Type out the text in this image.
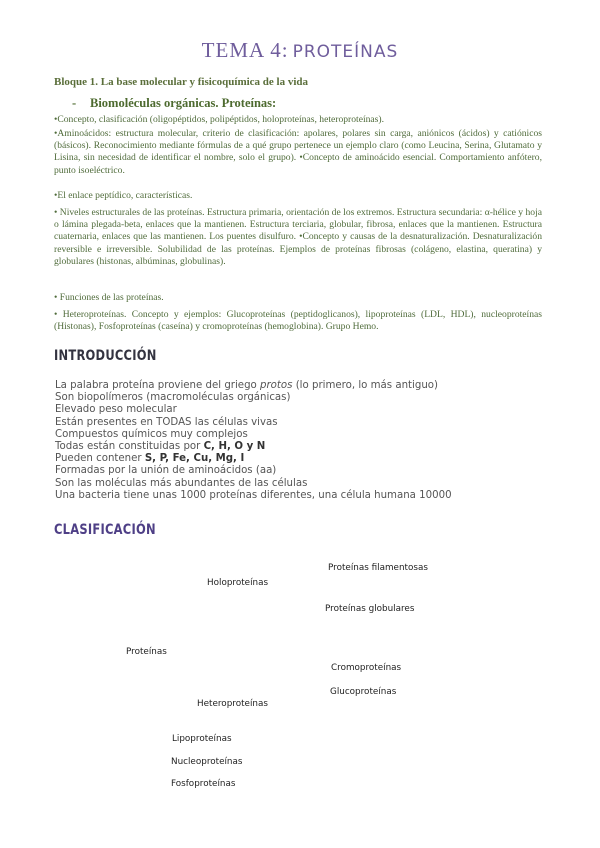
TEMA 4: PROTEÍNAS
Bloque 1. La base molecular y fisicoquímica de la vida
- Biomoléculas orgánicas. Proteínas:
•Concepto, clasificación (oligopéptidos, polipéptidos, holoproteínas, heteroproteínas).
•Aminoácidos: estructura molecular, criterio de clasificación: apolares, polares sin carga, aniónicos (ácidos) y catiónicos (básicos). Reconocimiento mediante fórmulas de a qué grupo pertenece un ejemplo claro (como Leucina, Serina, Glutamato y Lisina, sin necesidad de identificar el nombre, solo el grupo). •Concepto de aminoácido esencial. Comportamiento anfótero, punto isoeléctrico.
•El enlace peptídico, características.
• Niveles estructurales de las proteínas. Estructura primaria, orientación de los extremos. Estructura secundaria: α-hélice y hoja o lámina plegada-beta, enlaces que la mantienen. Estructura terciaria, globular, fibrosa, enlaces que la mantienen. Estructura cuaternaria, enlaces que las mantienen. Los puentes disulfuro. •Concepto y causas de la desnaturalización. Desnaturalización reversible e irreversible. Solubilidad de las proteínas. Ejemplos de proteínas fibrosas (colágeno, elastina, queratina) y globulares (histonas, albúminas, globulinas).
• Funciones de las proteínas.
• Heteroproteínas. Concepto y ejemplos: Glucoproteínas (peptidoglicanos), lipoproteínas (LDL, HDL), nucleoproteínas (Histonas), Fosfoproteínas (caseína) y cromoproteínas (hemoglobina). Grupo Hemo.
INTRODUCCIÓN
La palabra proteína proviene del griego protos (lo primero, lo más antiguo)
Son biopolímeros (macromoléculas orgánicas)
Elevado peso molecular
Están presentes en TODAS las células vivas
Compuestos químicos muy complejos
Todas están constituidas por C, H, O y N
Pueden contener S, P, Fe, Cu, Mg, I
Formadas por la unión de aminoácidos (aa)
Son las moléculas más abundantes de las células
Una bacteria tiene unas 1000 proteínas diferentes, una célula humana 10000
CLASIFICACIÓN
Proteínas filamentosas
Holoproteínas
Proteínas globulares
Proteínas
Cromoproteínas
Glucoproteínas
Heteroproteínas
Lipoproteínas
Nucleoproteínas
Fosfoproteínas
